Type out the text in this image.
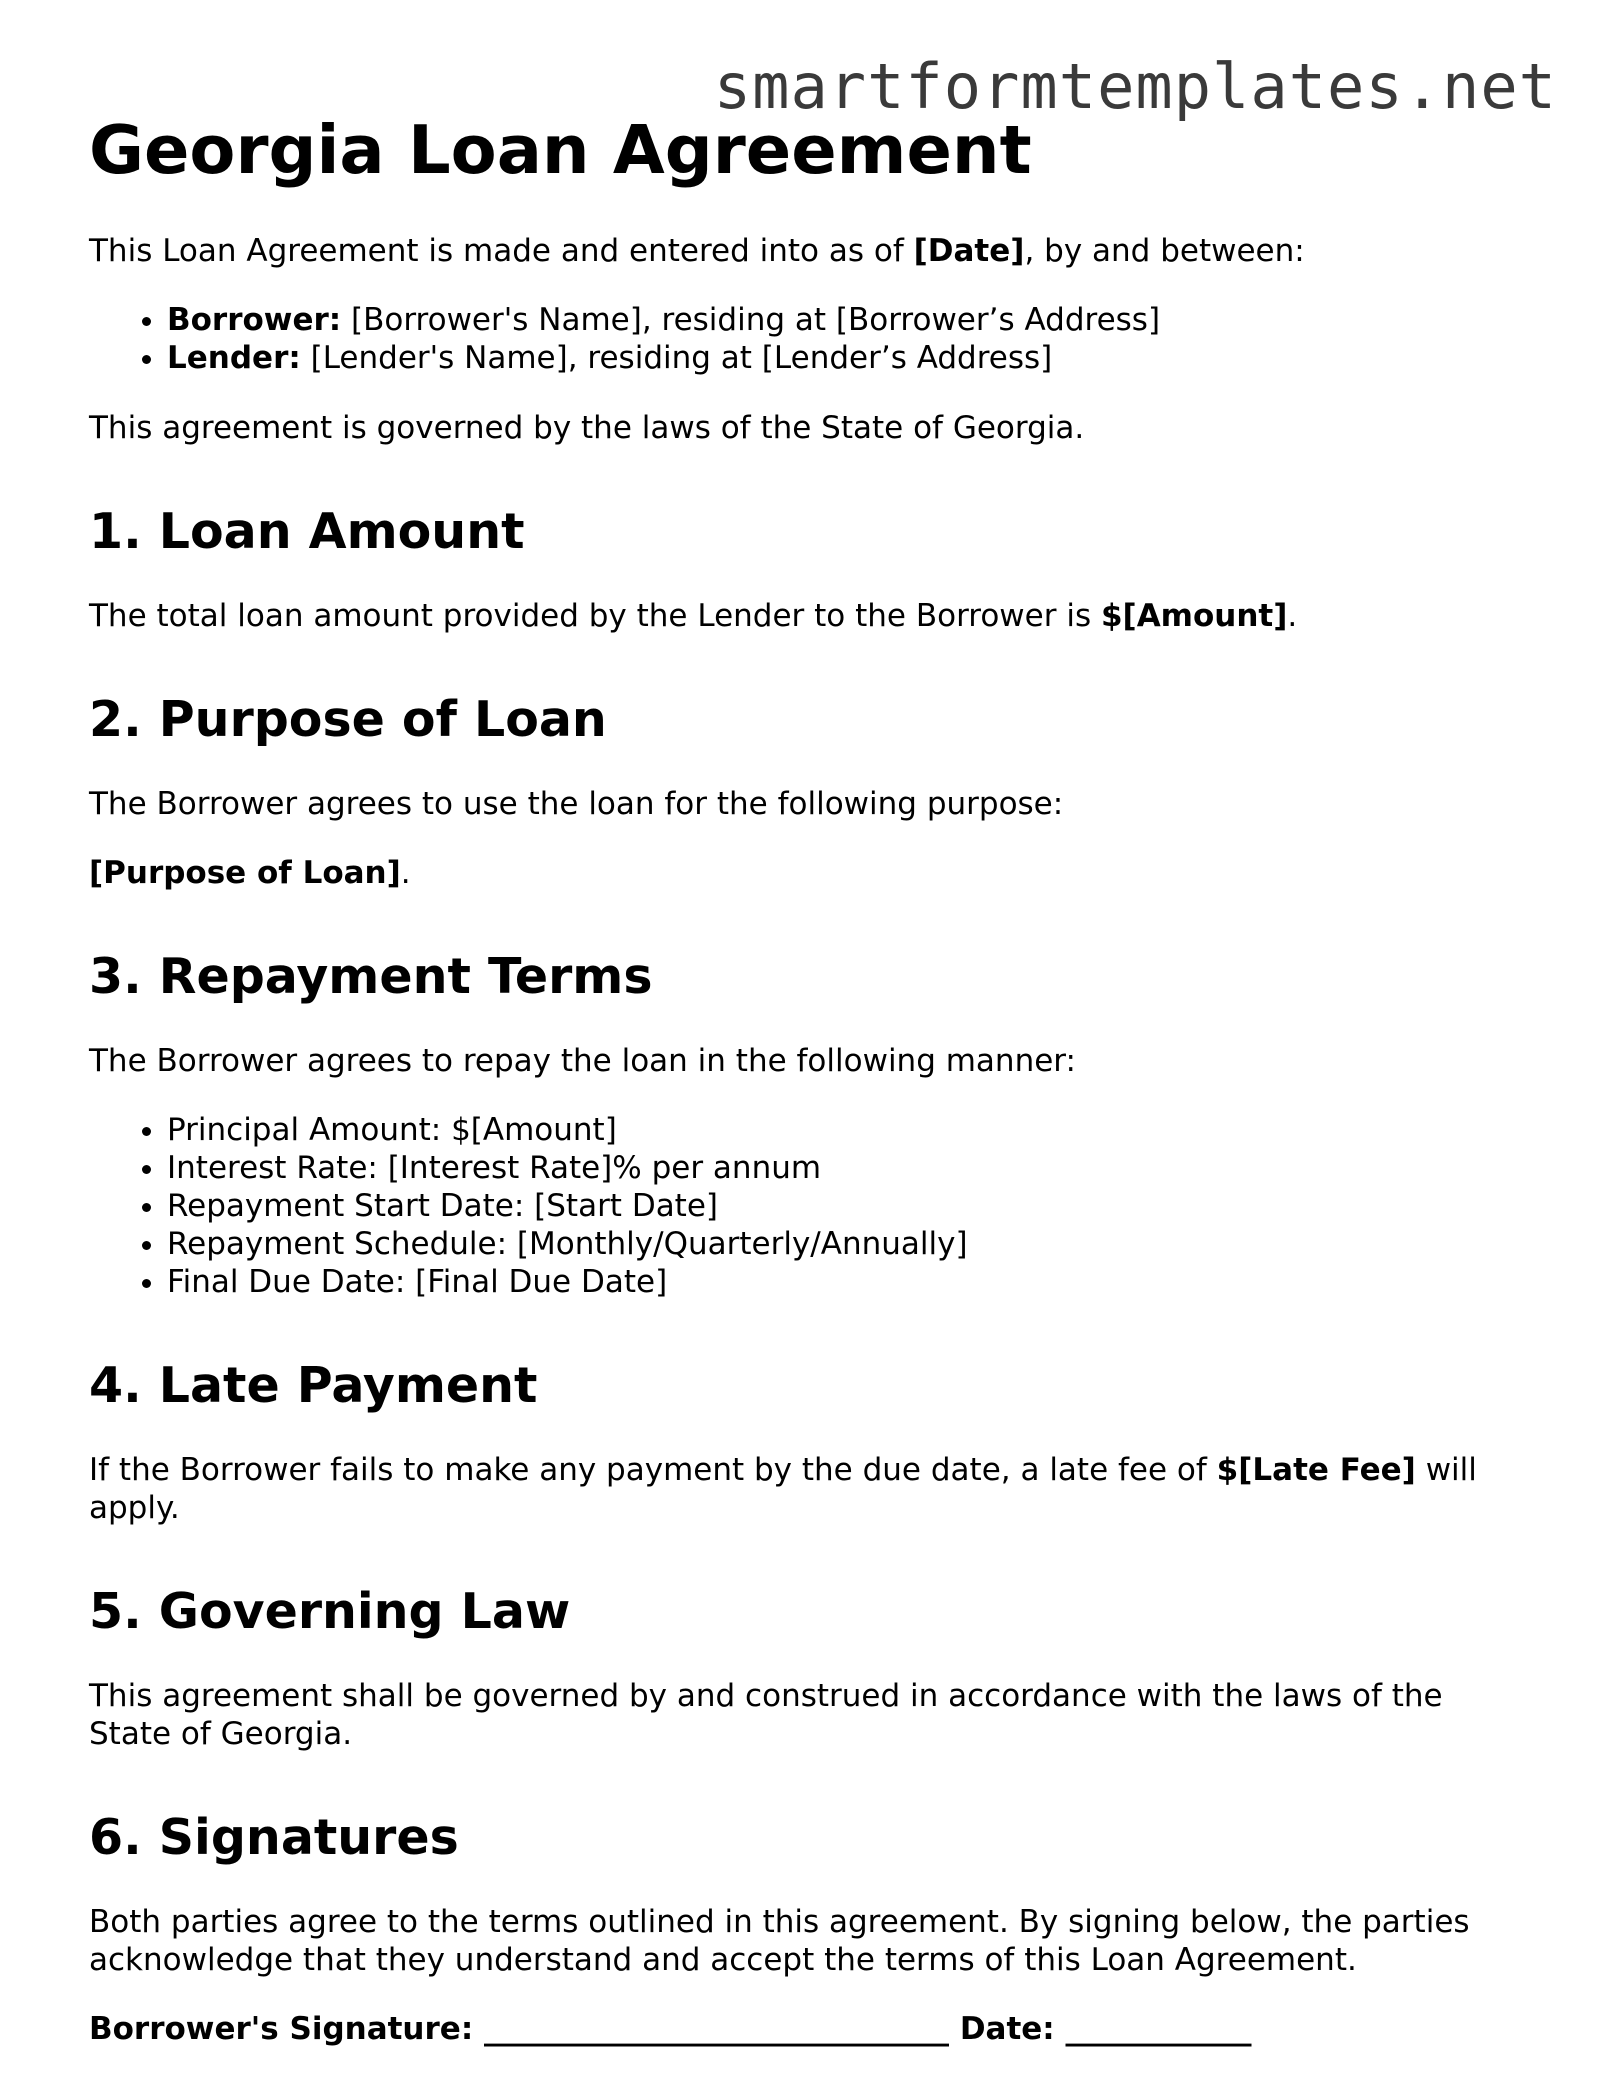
smartformtemplates.net
Georgia Loan Agreement

This Loan Agreement is made and entered into as of [Date], by and between:

• Borrower: [Borrower's Name], residing at [Borrower’s Address]
• Lender: [Lender's Name], residing at [Lender’s Address]

This agreement is governed by the laws of the State of Georgia.

1. Loan Amount

The total loan amount provided by the Lender to the Borrower is $[Amount].

2. Purpose of Loan

The Borrower agrees to use the loan for the following purpose:

[Purpose of Loan].

3. Repayment Terms

The Borrower agrees to repay the loan in the following manner:

• Principal Amount: $[Amount]
• Interest Rate: [Interest Rate]% per annum
• Repayment Start Date: [Start Date]
• Repayment Schedule: [Monthly/Quarterly/Annually]
• Final Due Date: [Final Due Date]
4. Late Payment

If the Borrower fails to make any payment by the due date, a late fee of $[Late Fee] will apply.

5. Governing Law

This agreement shall be governed by and construed in accordance with the laws of the State of Georgia.

6. Signatures

Both parties agree to the terms outlined in this agreement. By signing below, the parties acknowledge that they understand and accept the terms of this Loan Agreement.

Borrower's Signature: ______________________________ Date: ____________
